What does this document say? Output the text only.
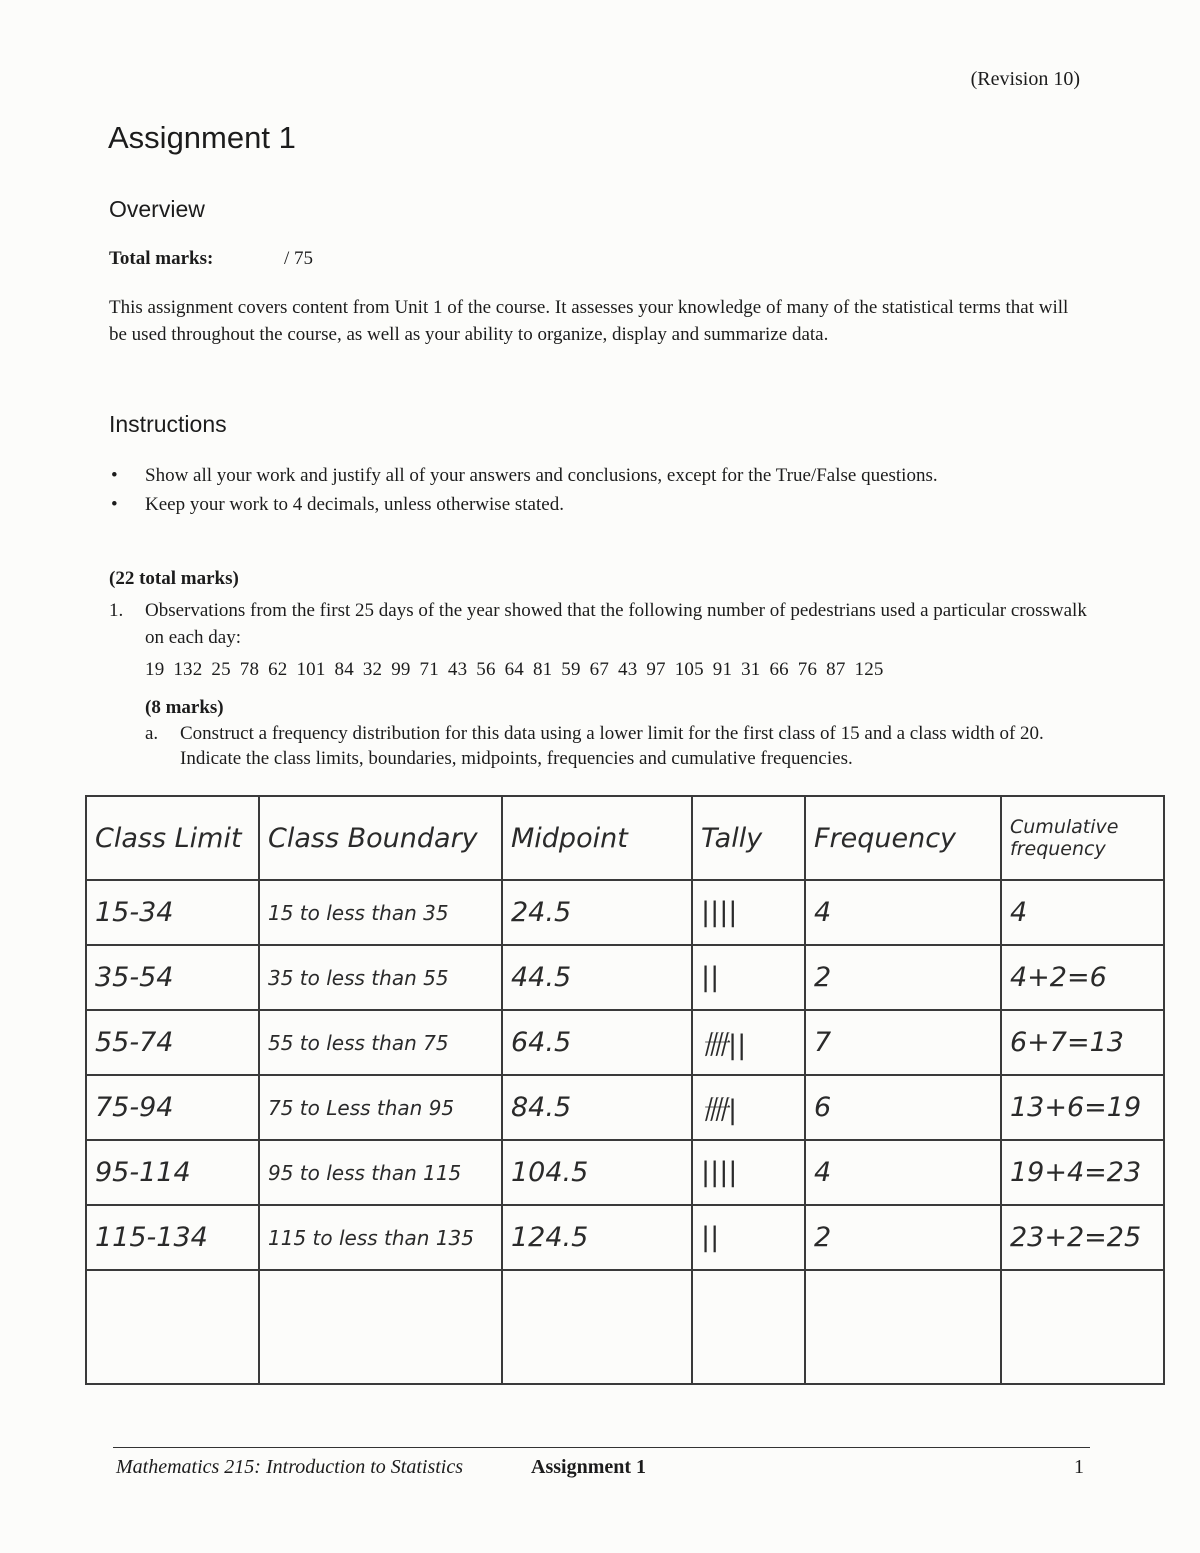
(Revision 10)
Assignment 1
Overview
Total marks:	/ 75
This assignment covers content from Unit 1 of the course. It assesses your knowledge of many of the statistical terms that will be used throughout the course, as well as your ability to organize, display and summarize data.
Instructions
• Show all your work and justify all of your answers and conclusions, except for the True/False questions.
• Keep your work to 4 decimals, unless otherwise stated.
(22 total marks)
1. Observations from the first 25 days of the year showed that the following number of pedestrians used a particular crosswalk on each day:
19 132 25 78 62 101 84 32 99 71 43 56 64 81 59 67 43 97 105 91 31 66 76 87 125
(8 marks)
a. Construct a frequency distribution for this data using a lower limit for the first class of 15 and a class width of 20. Indicate the class limits, boundaries, midpoints, frequencies and cumulative frequencies.
Class Limit	Class Boundary	Midpoint	Tally	Frequency	Cumulative frequency
15-34	15 to less than 35	24.5	||||	4	4
35-54	35 to less than 55	44.5	||	2	4+2=6
55-74	55 to less than 75	64.5	卌||	7	6+7=13
75-94	75 to Less than 95	84.5	卌|	6	13+6=19
95-114	95 to less than 115	104.5	||||	4	19+4=23
115-134	115 to less than 135	124.5	||	2	23+2=25

Mathematics 215: Introduction to Statistics	Assignment 1	1
